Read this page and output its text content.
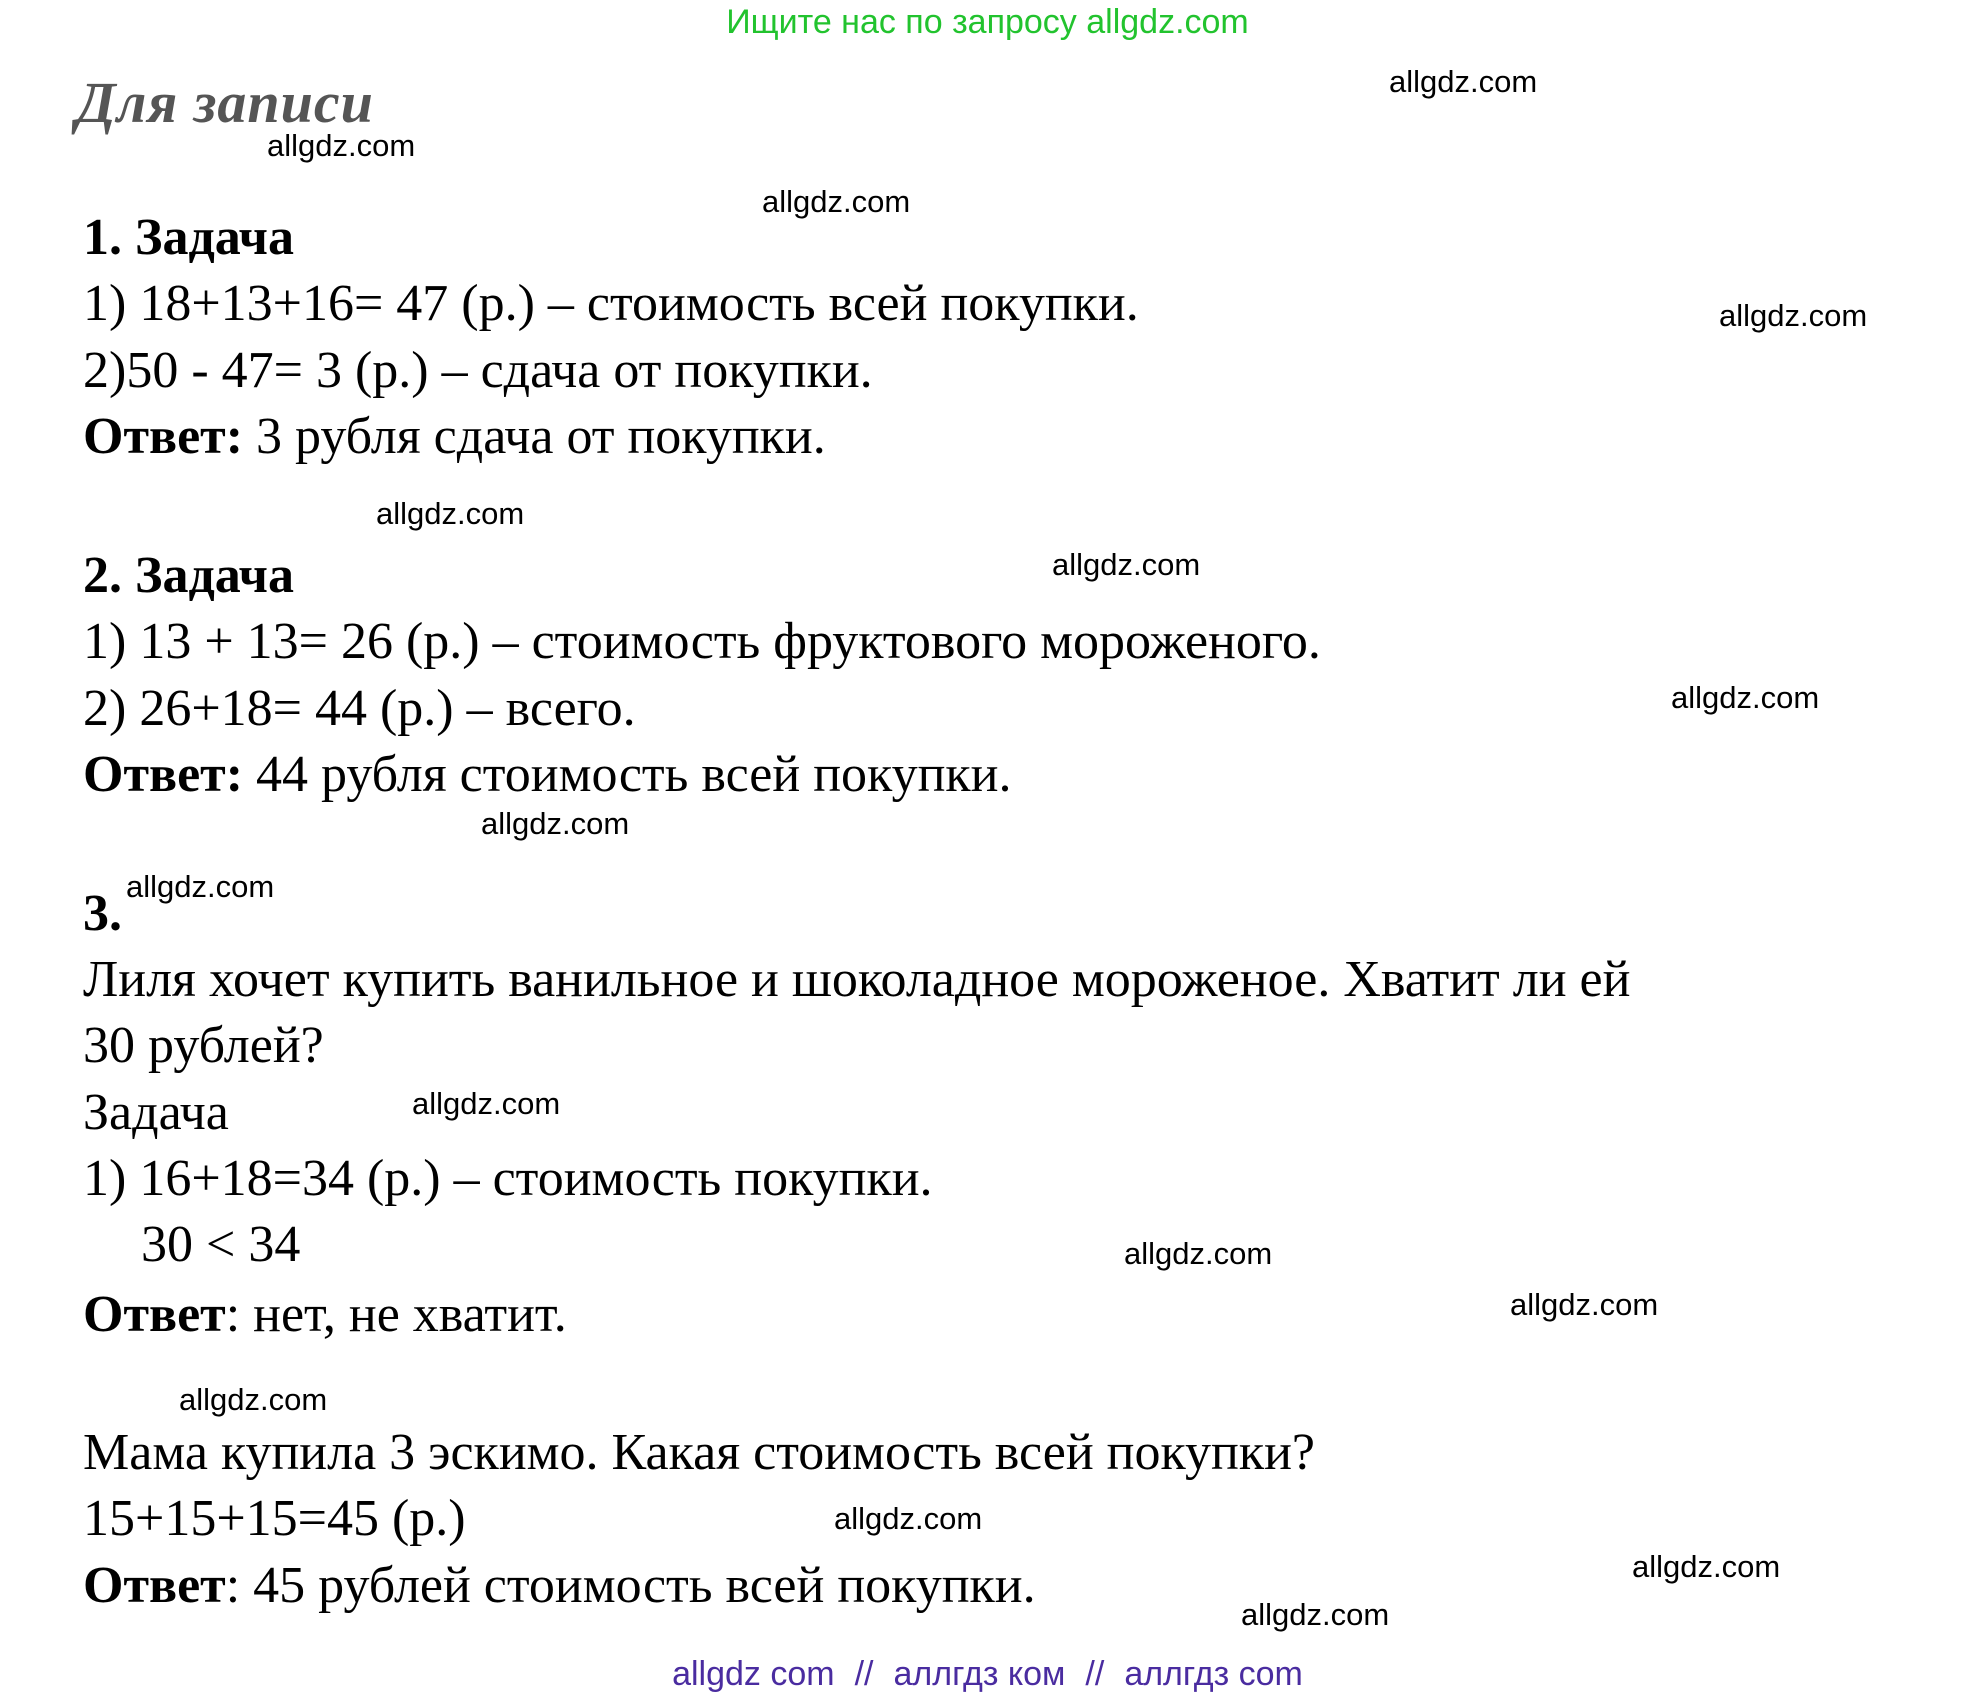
Ищите нас по запросу allgdz.com
Для записи
1. Задача
1) 18+13+16= 47 (р.) – стоимость всей покупки.
2)50 - 47= 3 (р.) – сдача от покупки.
Ответ: 3 рубля сдача от покупки.
2. Задача
1) 13 + 13= 26 (р.) – стоимость фруктового мороженого.
2) 26+18= 44 (р.) – всего.
Ответ: 44 рубля стоимость всей покупки.
3.
Лиля хочет купить ванильное и шоколадное мороженое. Хватит ли ей
30 рублей?
Задача
1) 16+18=34 (р.) – стоимость покупки.
30 < 34
Ответ: нет, не хватит.
Мама купила 3 эскимо. Какая стоимость всей покупки?
15+15+15=45 (р.)
Ответ: 45 рублей стоимость всей покупки.
allgdz.com
allgdz.com
allgdz.com
allgdz.com
allgdz.com
allgdz.com
allgdz.com
allgdz.com
allgdz.com
allgdz.com
allgdz.com
allgdz.com
allgdz.com
allgdz.com
allgdz.com
allgdz.com
allgdz com // аллгдз ком // аллгдз com
